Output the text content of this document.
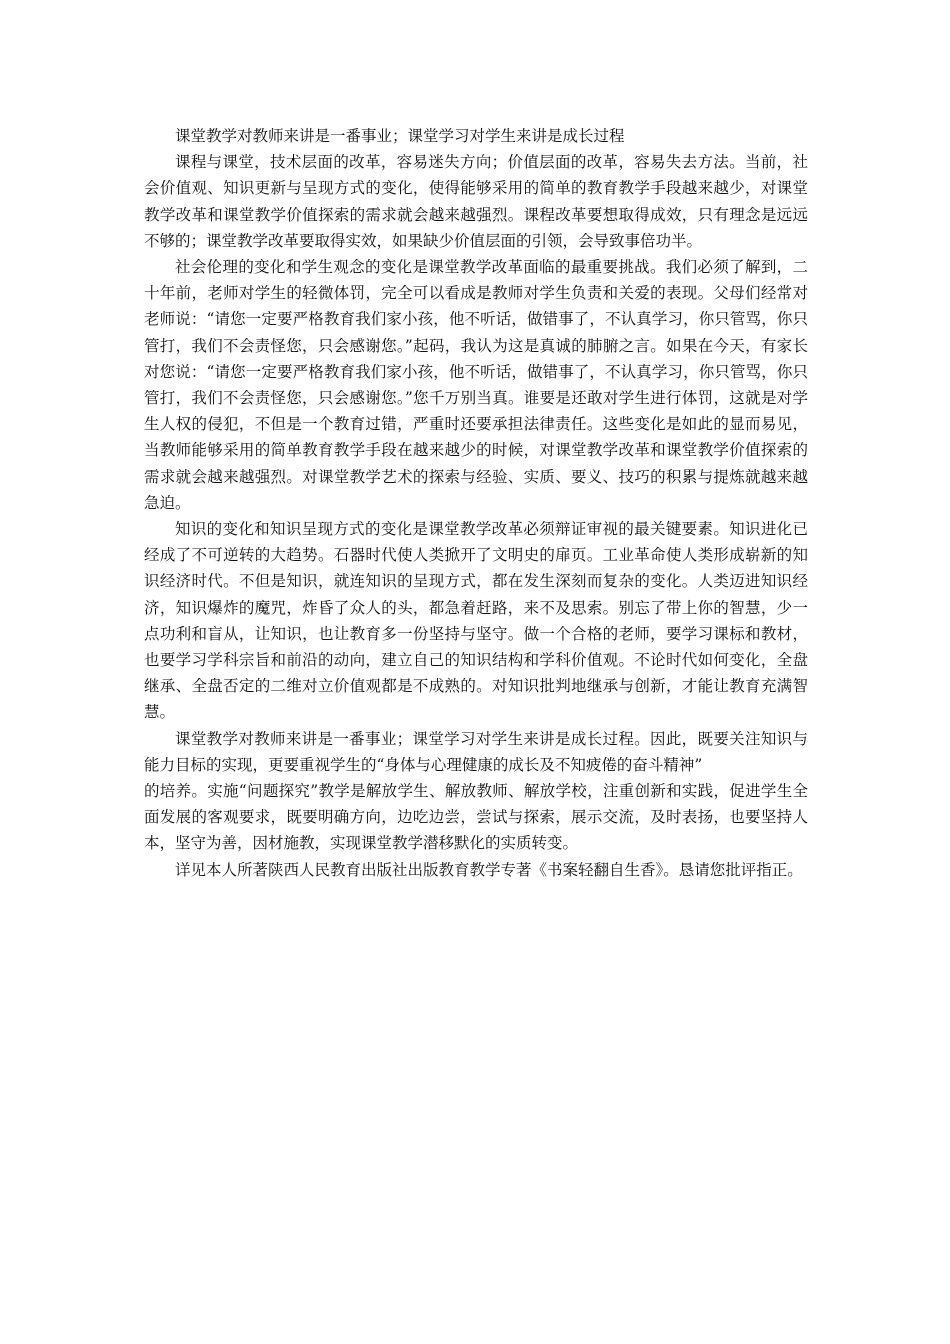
课堂教学对教师来讲是一番事业；课堂学习对学生来讲是成长过程

课程与课堂，技术层面的改革，容易迷失方向；价值层面的改革，容易失去方法。当前，社会价值观、知识更新与呈现方式的变化，使得能够采用的简单的教育教学手段越来越少，对课堂教学改革和课堂教学价值探索的需求就会越来越强烈。课程改革要想取得成效，只有理念是远远不够的；课堂教学改革要取得实效，如果缺少价值层面的引领，会导致事倍功半。

社会伦理的变化和学生观念的变化是课堂教学改革面临的最重要挑战。我们必须了解到，二十年前，老师对学生的轻微体罚，完全可以看成是教师对学生负责和关爱的表现。父母们经常对老师说：“请您一定要严格教育我们家小孩，他不听话，做错事了，不认真学习，你只管骂，你只管打，我们不会责怪您，只会感谢您。”起码，我认为这是真诚的肺腑之言。如果在今天，有家长对您说：“请您一定要严格教育我们家小孩，他不听话，做错事了，不认真学习，你只管骂，你只管打，我们不会责怪您，只会感谢您。”您千万别当真。谁要是还敢对学生进行体罚，这就是对学生人权的侵犯，不但是一个教育过错，严重时还要承担法律责任。这些变化是如此的显而易见，当教师能够采用的简单教育教学手段在越来越少的时候，对课堂教学改革和课堂教学价值探索的需求就会越来越强烈。对课堂教学艺术的探索与经验、实质、要义、技巧的积累与提炼就越来越急迫。

知识的变化和知识呈现方式的变化是课堂教学改革必须辩证审视的最关键要素。知识进化已经成了不可逆转的大趋势。石器时代使人类掀开了文明史的扉页。工业革命使人类形成崭新的知识经济时代。不但是知识，就连知识的呈现方式，都在发生深刻而复杂的变化。人类迈进知识经济，知识爆炸的魔咒，炸昏了众人的头，都急着赶路，来不及思索。别忘了带上你的智慧，少一点功利和盲从，让知识，也让教育多一份坚持与坚守。做一个合格的老师，要学习课标和教材，也要学习学科宗旨和前沿的动向，建立自己的知识结构和学科价值观。不论时代如何变化，全盘继承、全盘否定的二维对立价值观都是不成熟的。对知识批判地继承与创新，才能让教育充满智慧。

课堂教学对教师来讲是一番事业；课堂学习对学生来讲是成长过程。因此，既要关注知识与能力目标的实现，更要重视学生的“身体与心理健康的成长及不知疲倦的奋斗精神”

的培养。实施“问题探究”教学是解放学生、解放教师、解放学校，注重创新和实践，促进学生全面发展的客观要求，既要明确方向，边吃边尝，尝试与探索，展示交流，及时表扬，也要坚持人本，坚守为善，因材施教，实现课堂教学潜移默化的实质转变。

详见本人所著陕西人民教育出版社出版教育教学专著《书案轻翻自生香》。恳请您批评指正。
